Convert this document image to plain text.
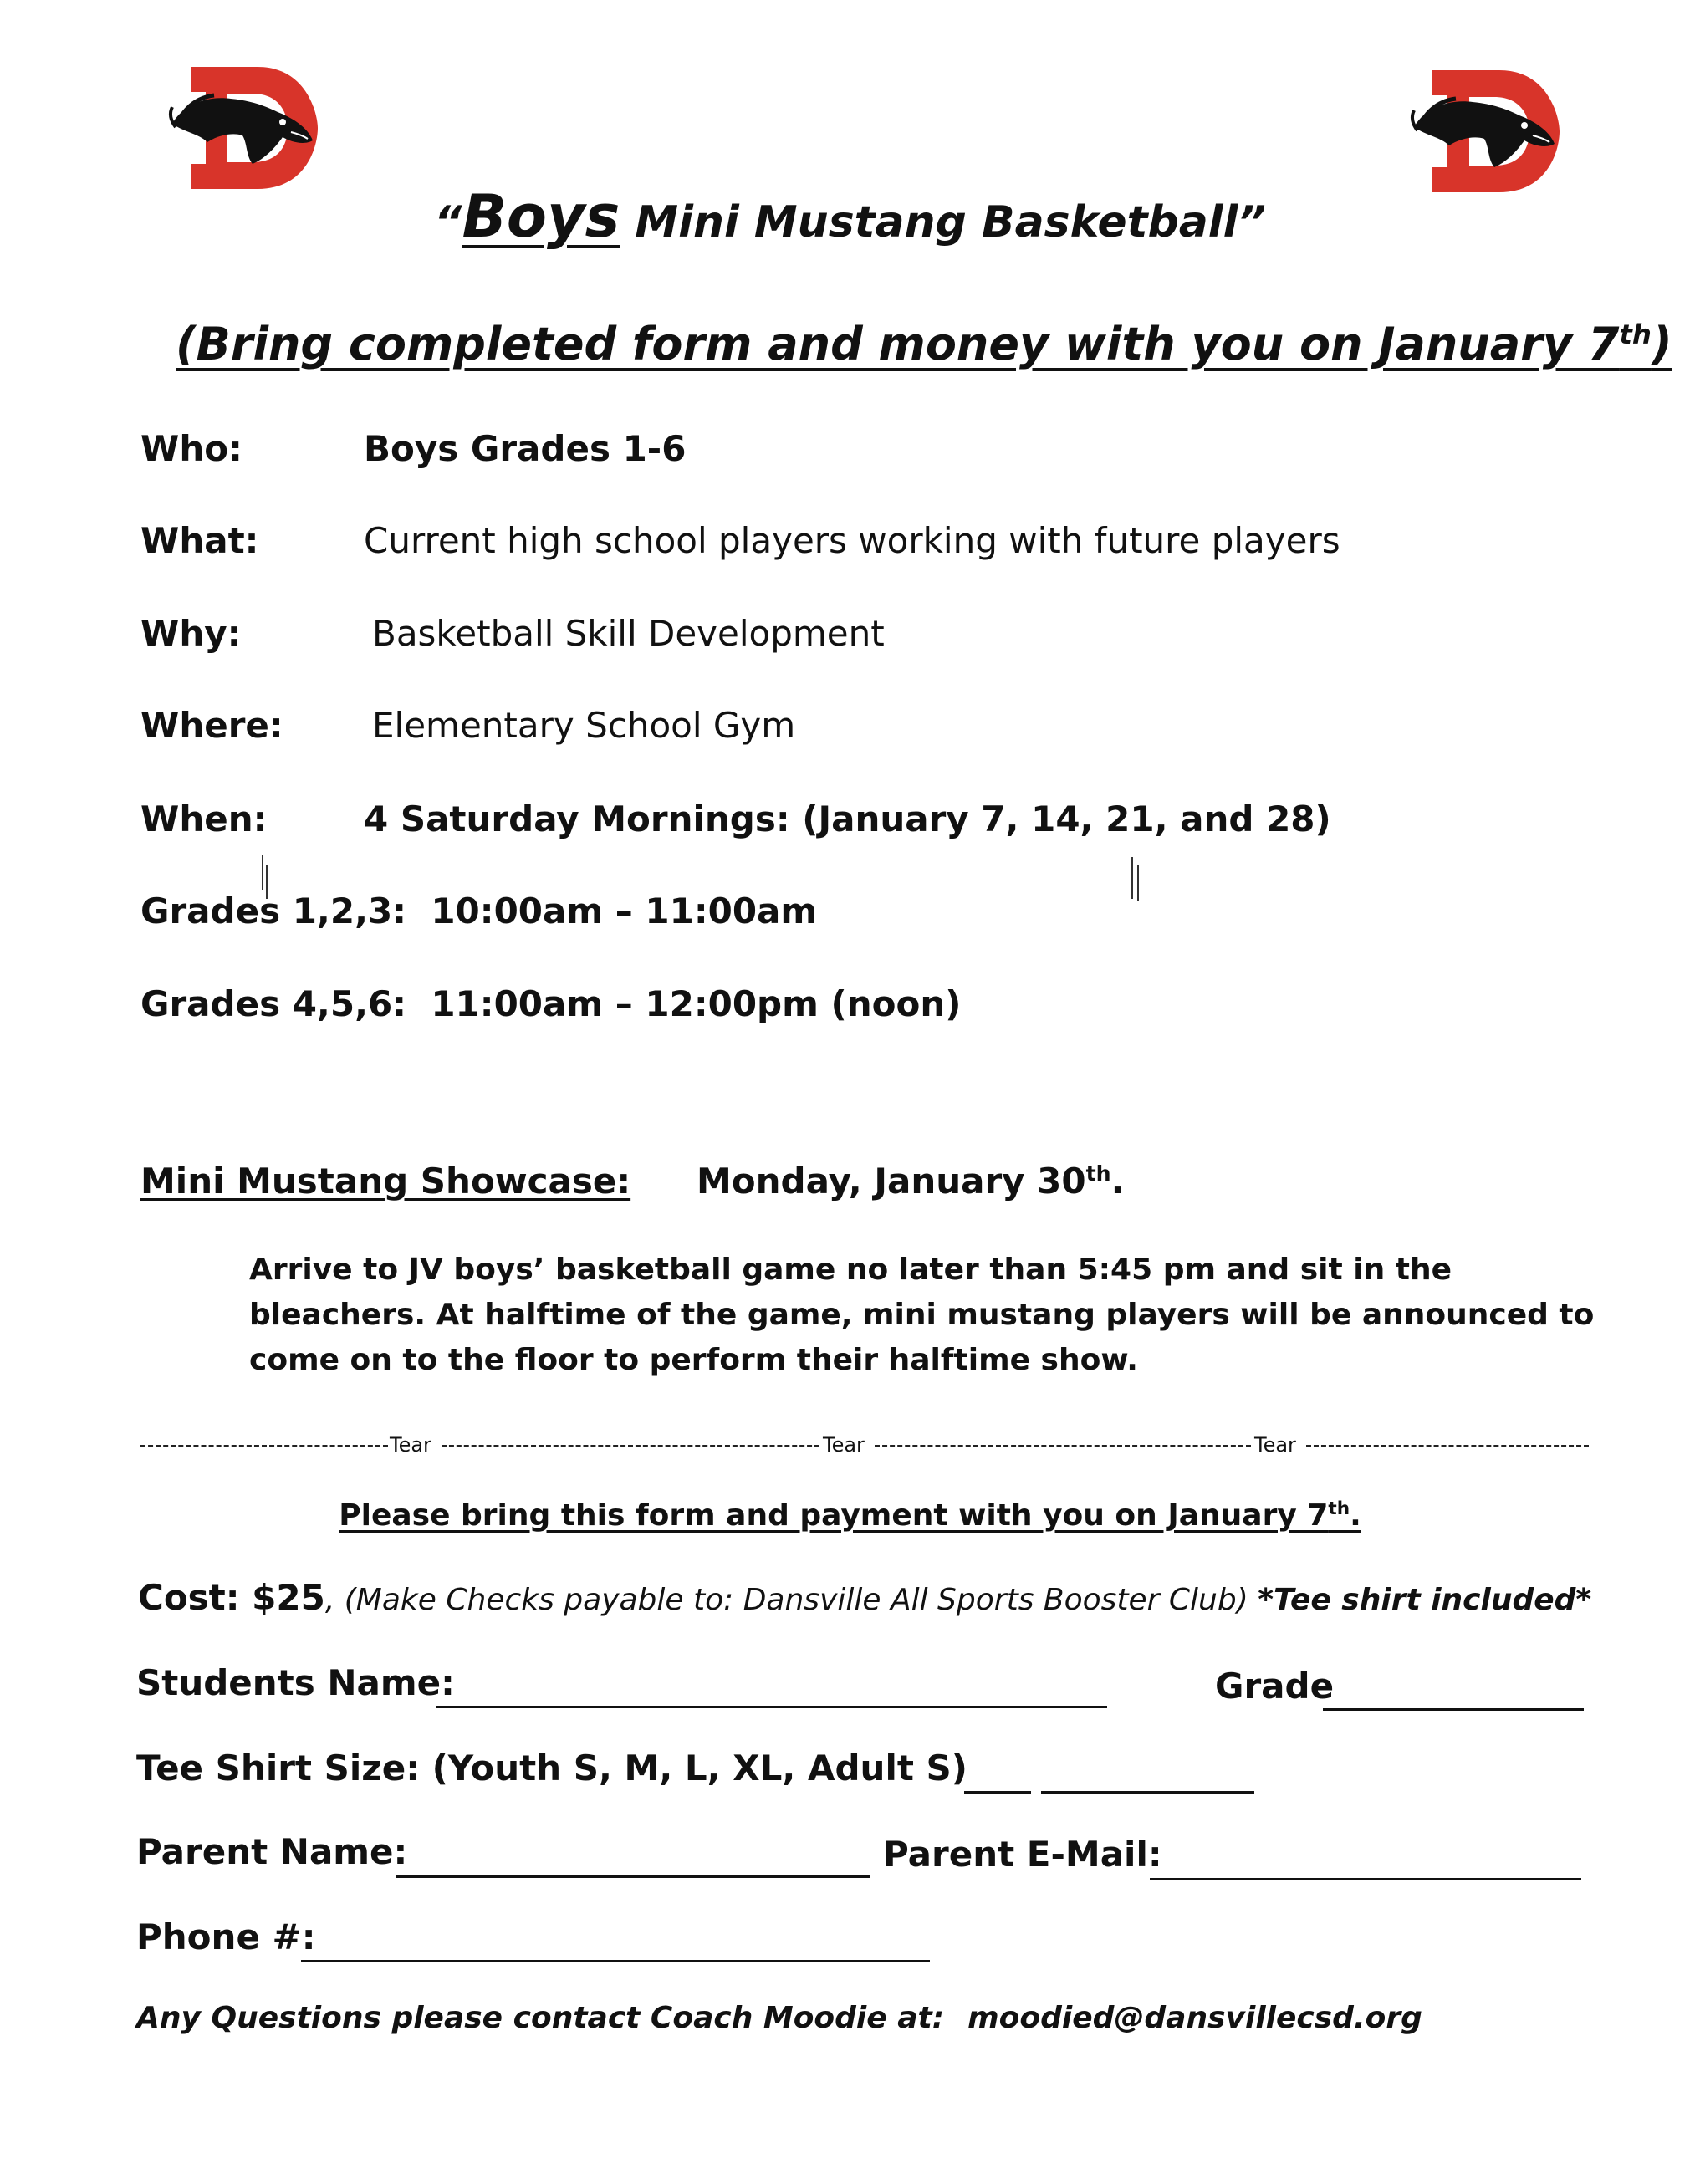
“Boys Mini Mustang Basketball”
(Bring completed form and money with you on January 7th)
Who:	Boys Grades 1-6
What:	Current high school players working with future players
Why:	Basketball Skill Development
Where:	Elementary School Gym
When:	4 Saturday Mornings: (January 7, 14, 21, and 28)
Grades 1,2,3: 10:00am – 11:00am
Grades 4,5,6: 11:00am – 12:00pm (noon)
Mini Mustang Showcase: Monday, January 30th.
Arrive to JV boys’ basketball game no later than 5:45 pm and sit in the bleachers. At halftime of the game, mini mustang players will be announced to come on to the floor to perform their halftime show.
Tear	Tear	Tear
Please bring this form and payment with you on January 7th.
Cost: $25, (Make Checks payable to: Dansville All Sports Booster Club) *Tee shirt included*
Students Name:	Grade
Tee Shirt Size: (Youth S, M, L, XL, Adult S)
Parent Name:	Parent E-Mail:
Phone #:
Any Questions please contact Coach Moodie at: moodied@dansvillecsd.org
